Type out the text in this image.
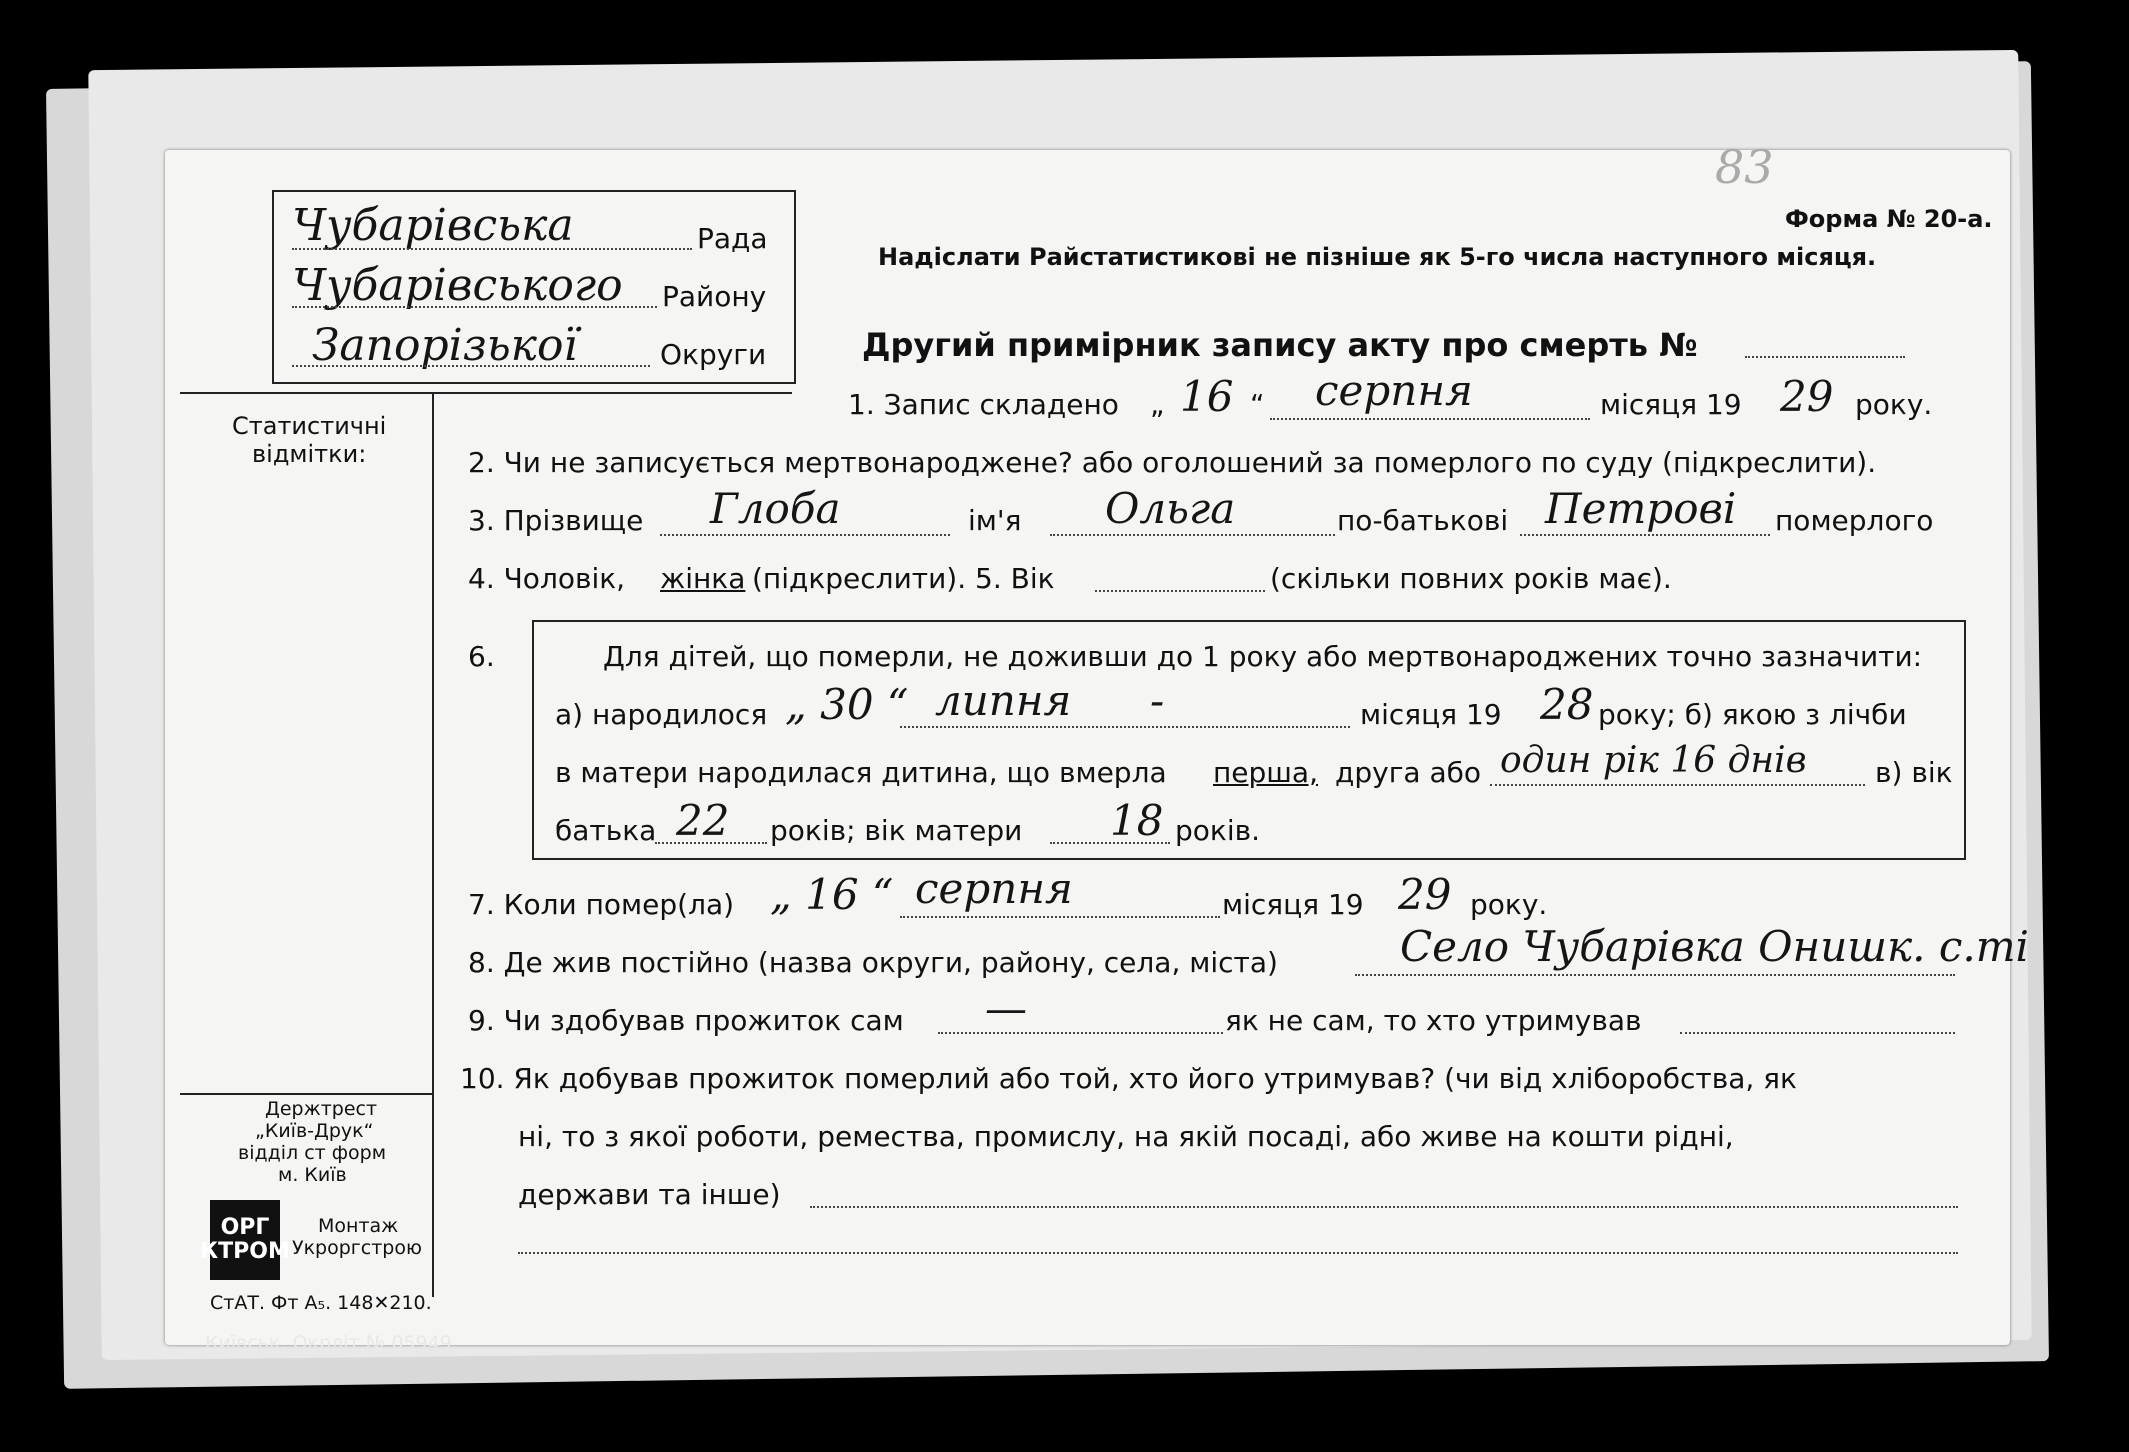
83
Чубарiвська	Рада
Чубарiвського Району
Запорiзької	Округи
Форма № 20-а.
Надіслати Райстатистикові не пізніше як 5-го числа наступного місяця.
Другий примірник запису акту про смерть №
Статистичні
відмітки:
Держтрест
„Київ-Друк“
відділ ст форм
м. Київ
ОРГ
КТРОМ
Монтаж
Укроргстрою
СтАТ. Фт А₅. 148✕210.
Київськ. Окрліт № 05949.
1. Запис складено „ 16 “ серпня	місяця 19 29 року.
2. Чи не записується мертвонароджене? або оголошений за померлого по суду (підкреслити).
3. Прізвище Глоба	ім'я Ольга	по-батькові Петрові померлого
4. Чоловік, жінка (підкреслити). 5. Вік	(скільки повних років має).
6.	Для дітей, що померли, не доживши до 1 року або мертвонароджених точно зазначити:
а) народилося „ 30 “ липня -	місяця 19 28 року; б) якою з лічби
в матери народилася дитина, що вмерла перша, друга або один рік 16 днів в) вік
батька 22 років; вік матери 18 років.
7. Коли помер(ла) „ 16 “ серпня	місяця 19 29 року.
8. Де жив постійно (назва округи, району, села, міста)	Село Чубарiвка Онишк. с.тi
9. Чи здобував прожиток сам —	як не сам, то хто утримував
10. Як добував прожиток померлий або той, хто його утримував? (чи від хліборобства, як
ні, то з якої роботи, ремества, промислу, на якій посаді, або живе на кошти рідні,
держави та інше)
